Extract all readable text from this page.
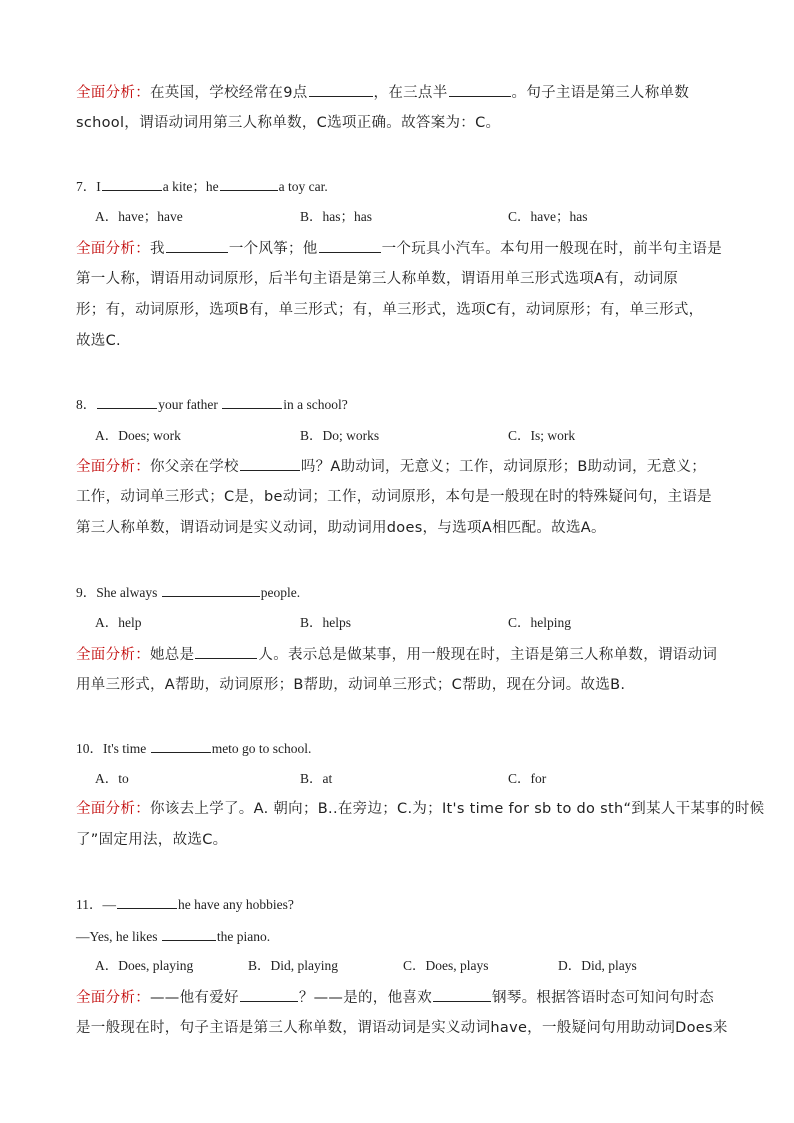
全面分析：在英国，学校经常在9点	，在三点半	。句子主语是第三人称单数
school，谓语动词用第三人称单数，C选项正确。故答案为：C。
7．I	a kite；he	a toy car.
A．have；have	B．has；has	C．have；has
全面分析：我	一个风筝；他	一个玩具小汽车。本句用一般现在时，前半句主语是
第一人称，谓语用动词原形，后半句主语是第三人称单数，谓语用单三形式选项A有，动词原
形；有，动词原形，选项B有，单三形式；有，单三形式，选项C有，动词原形；有，单三形式，
故选C.
8．	your father	in a school?
A．Does; work	B．Do; works	C．Is; work
全面分析：你父亲在学校	吗？A助动词，无意义；工作，动词原形；B助动词，无意义；
工作，动词单三形式；C是，be动词；工作，动词原形，本句是一般现在时的特殊疑问句，主语是
第三人称单数，谓语动词是实义动词，助动词用does，与选项A相匹配。故选A。
9．She always	people.
A．help	B．helps	C．helping
全面分析：她总是	人。表示总是做某事，用一般现在时，主语是第三人称单数，谓语动词
用单三形式，A帮助，动词原形；B帮助，动词单三形式；C帮助，现在分词。故选B.
10．It's time	meto go to school.
A．to	B．at	C．for
全面分析：你该去上学了。A. 朝向；B..在旁边；C.为；It's time for sb to do sth“到某人干某事的时候
了”固定用法，故选C。
11．—	he have any hobbies?
—Yes, he likes	the piano.
A．Does, playing	B．Did, playing	C．Does, plays	D．Did, plays
全面分析：——他有爱好	？——是的，他喜欢	钢琴。根据答语时态可知问句时态
是一般现在时，句子主语是第三人称单数，谓语动词是实义动词have，一般疑问句用助动词Does来
